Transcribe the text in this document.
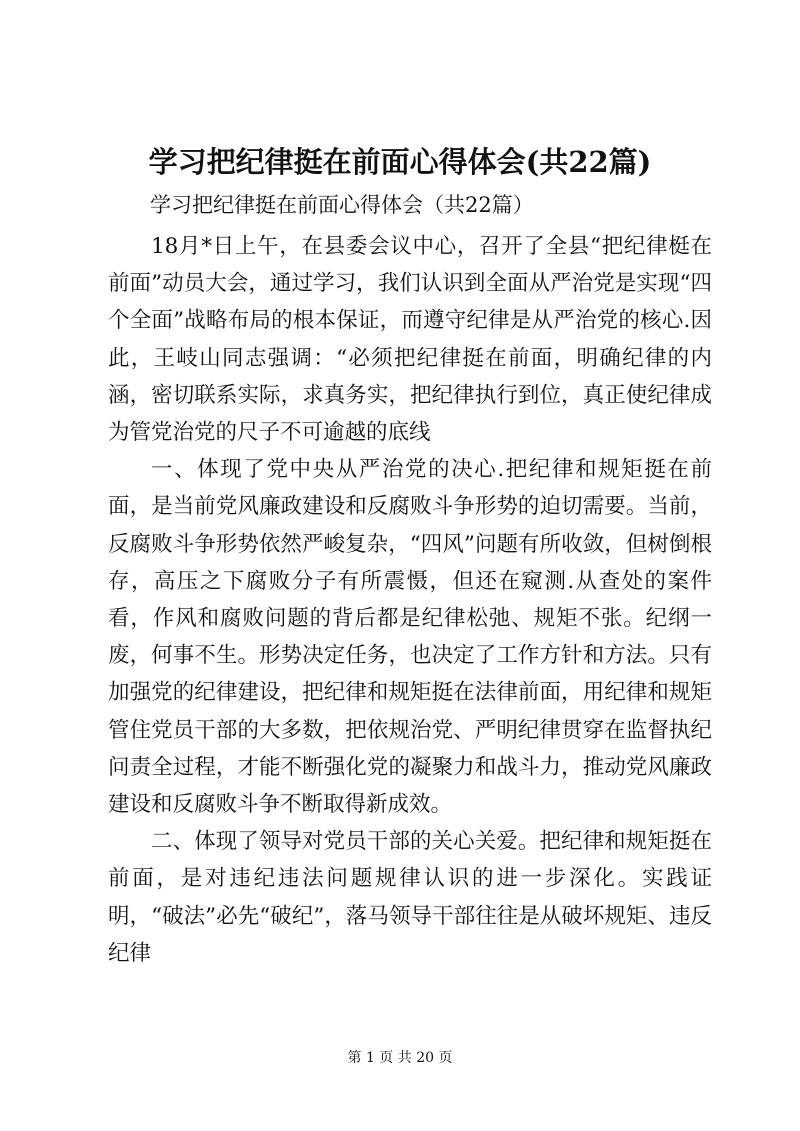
学习把纪律挺在前面心得体会(共22篇)
学习把纪律挺在前面心得体会（共22篇）

18月*日上午，在县委会议中心，召开了全县“把纪律梃在前面”动员大会，通过学习，我们认识到全面从严治党是实现“四个全面”战略布局的根本保证，而遵守纪律是从严治党的核心.因此，王岐山同志强调：“必须把纪律挺在前面，明确纪律的内涵，密切联系实际，求真务实，把纪律执行到位，真正使纪律成为管党治党的尺子不可逾越的底线

一、体现了党中央从严治党的决心.把纪律和规矩挺在前面，是当前党风廉政建设和反腐败斗争形势的迫切需要。当前，反腐败斗争形势依然严峻复杂，“四风”问题有所收敛，但树倒根存，高压之下腐败分子有所震慑，但还在窥测.从查处的案件看，作风和腐败问题的背后都是纪律松弛、规矩不张。纪纲一废，何事不生。形势决定任务，也决定了工作方针和方法。只有加强党的纪律建设，把纪律和规矩挺在法律前面，用纪律和规矩管住党员干部的大多数，把依规治党、严明纪律贯穿在监督执纪问责全过程，才能不断强化党的凝聚力和战斗力，推动党风廉政建设和反腐败斗争不断取得新成效。

二、体现了领导对党员干部的关心关爱。把纪律和规矩挺在前面，是对违纪违法问题规律认识的进一步深化。实践证明，“破法”必先“破纪”，落马领导干部往往是从破坏规矩、违反纪律

第 1 页 共 20 页
